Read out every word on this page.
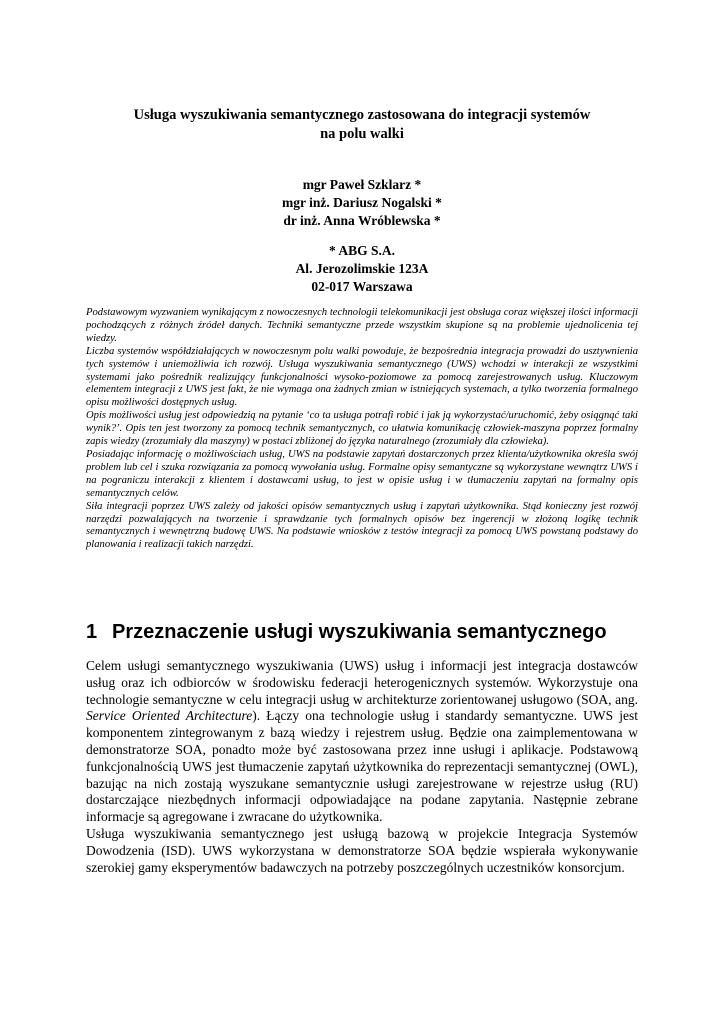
Usługa wyszukiwania semantycznego zastosowana do integracji systemów
na polu walki
mgr Paweł Szklarz *
mgr inż. Dariusz Nogalski *
dr inż. Anna Wróblewska *
* ABG S.A.
Al. Jerozolimskie 123A
02-017 Warszawa

Podstawowym wyzwaniem wynikającym z nowoczesnych technologii telekomunikacji jest obsługa coraz większej ilości informacji pochodzących z różnych źródeł danych. Techniki semantyczne przede wszystkim skupione są na problemie ujednolicenia tej wiedzy.

Liczba systemów współdziałających w nowoczesnym polu walki powoduje, że bezpośrednia integracja prowadzi do usztywnienia tych systemów i uniemożliwia ich rozwój. Usługa wyszukiwania semantycznego (UWS) wchodzi w interakcji ze wszystkimi systemami jako pośrednik realizujący funkcjonalności wysoko-poziomowe za pomocą zarejestrowanych usług. Kluczowym elementem integracji z UWS jest fakt, że nie wymaga ona żadnych zmian w istniejących systemach, a tylko tworzenia formalnego opisu możliwości dostępnych usług.

Opis możliwości usług jest odpowiedzią na pytanie ‘co ta usługa potrafi robić i jak ją wykorzystać/uruchomić, żeby osiągnąć taki wynik?’. Opis ten jest tworzony za pomocą technik semantycznych, co ułatwia komunikację człowiek-maszyna poprzez formalny zapis wiedzy (zrozumiały dla maszyny) w postaci zbliżonej do języka naturalnego (zrozumiały dla człowieka).

Posiadając informację o możliwościach usług, UWS na podstawie zapytań dostarczonych przez klienta/użytkownika określa swój problem lub cel i szuka rozwiązania za pomocą wywołania usług. Formalne opisy semantyczne są wykorzystane wewnątrz UWS i na pograniczu interakcji z klientem i dostawcami usług, to jest w opisie usług i w tłumaczeniu zapytań na formalny opis semantycznych celów.

Siła integracji poprzez UWS zależy od jakości opisów semantycznych usług i zapytań użytkownika. Stąd konieczny jest rozwój narzędzi pozwalających na tworzenie i sprawdzanie tych formalnych opisów bez ingerencji w złożoną logikę technik semantycznych i wewnętrzną budowę UWS. Na podstawie wniosków z testów integracji za pomocą UWS powstaną podstawy do planowania i realizacji takich narzędzi.

1 Przeznaczenie usługi wyszukiwania semantycznego

Celem usługi semantycznego wyszukiwania (UWS) usług i informacji jest integracja dostawców usług oraz ich odbiorców w środowisku federacji heterogenicznych systemów. Wykorzystuje ona technologie semantyczne w celu integracji usług w architekturze zorientowanej usługowo (SOA, ang. Service Oriented Architecture). Łączy ona technologie usług i standardy semantyczne. UWS jest komponentem zintegrowanym z bazą wiedzy i rejestrem usług. Będzie ona zaimplementowana w demonstratorze SOA, ponadto może być zastosowana przez inne usługi i aplikacje. Podstawową funkcjonalnością UWS jest tłumaczenie zapytań użytkownika do reprezentacji semantycznej (OWL), bazując na nich zostają wyszukane semantycznie usługi zarejestrowane w rejestrze usług (RU) dostarczające niezbędnych informacji odpowiadające na podane zapytania. Następnie zebrane informacje są agregowane i zwracane do użytkownika.

Usługa wyszukiwania semantycznego jest usługą bazową w projekcie Integracja Systemów Dowodzenia (ISD). UWS wykorzystana w demonstratorze SOA będzie wspierała wykonywanie szerokiej gamy eksperymentów badawczych na potrzeby poszczególnych uczestników konsorcjum.
